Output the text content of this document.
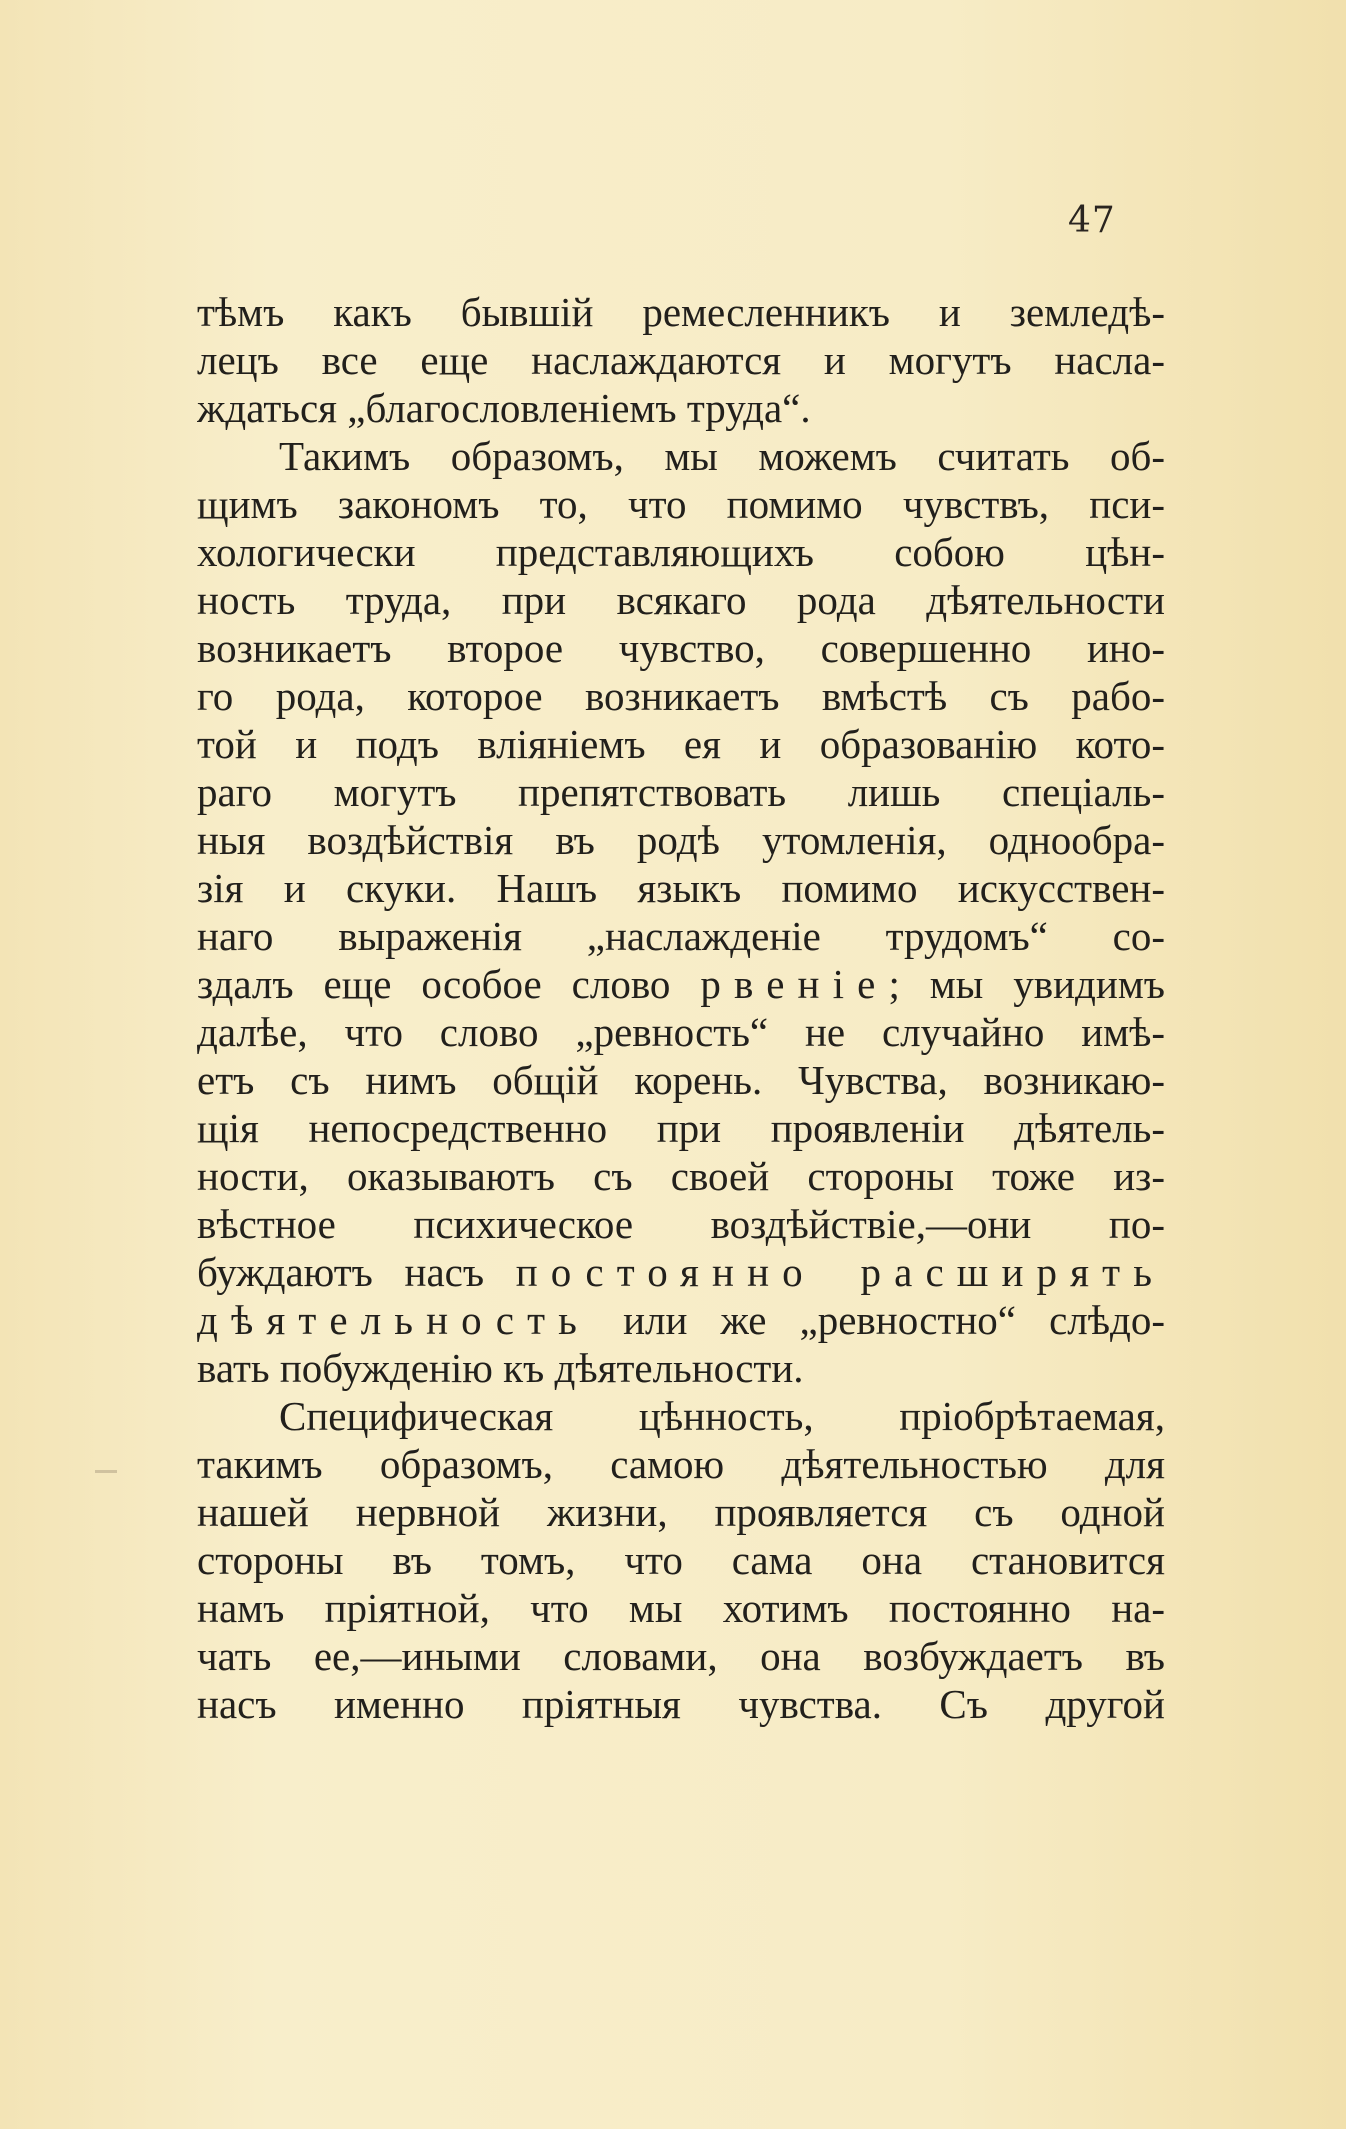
47
тѣмъ какъ бывшій ремесленникъ и земледѣ-
лецъ все еще наслаждаются и могутъ насла-
ждаться „благословленіемъ труда“.
Такимъ образомъ, мы можемъ считать об-
щимъ закономъ то, что помимо чувствъ, пси-
хологически представляющихъ собою цѣн-
ность труда, при всякаго рода дѣятельности
возникаетъ второе чувство, совершенно ино-
го рода, которое возникаетъ вмѣстѣ съ рабо-
той и подъ вліяніемъ ея и образованію кото-
раго могутъ препятствовать лишь спеціаль-
ныя воздѣйствія въ родѣ утомленія, однообра-
зія и скуки. Нашъ языкъ помимо искусствен-
наго выраженія „наслажденіе трудомъ“ со-
здалъ еще особое слово рвеніе; мы увидимъ
далѣе, что слово „ревность“ не случайно имѣ-
етъ съ нимъ общій корень. Чувства, возникаю-
щія непосредственно при проявленіи дѣятель-
ности, оказываютъ съ своей стороны тоже из-
вѣстное психическое воздѣйствіе,—они по-
буждаютъ насъ постоянно расширять
дѣятельность или же „ревностно“ слѣдо-
вать побужденію къ дѣятельности.
Специфическая цѣнность, пріобрѣтаемая,
такимъ образомъ, самою дѣятельностью для
нашей нервной жизни, проявляется съ одной
стороны въ томъ, что сама она становится
намъ пріятной, что мы хотимъ постоянно на-
чать ее,—иными словами, она возбуждаетъ въ
насъ именно пріятныя чувства. Съ другой
